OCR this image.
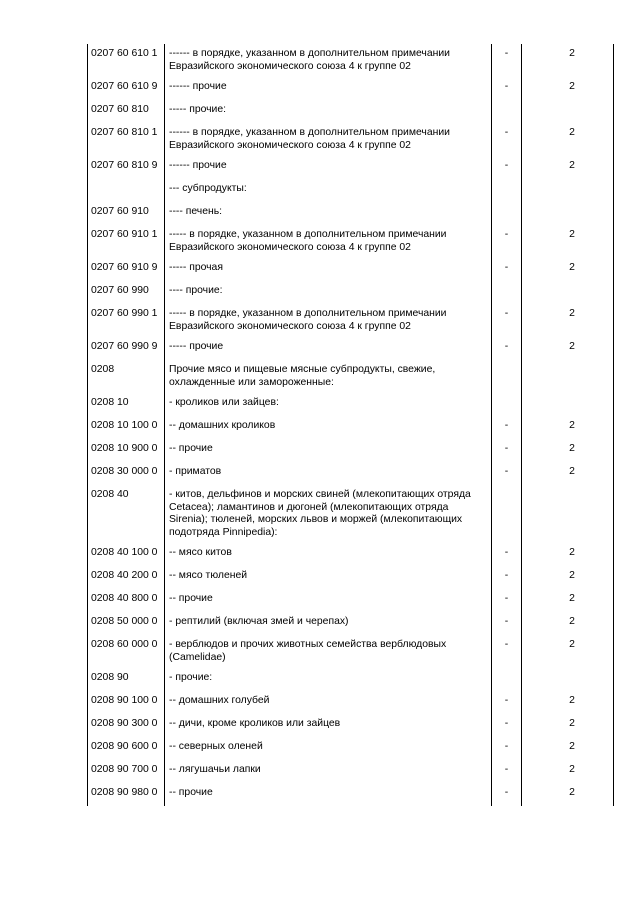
0207 60 610 1	------ в порядке, указанном в дополнительном примечании Евразийского экономического союза 4 к группе 02	-	2
0207 60 610 9	------ прочие	-	2
0207 60 810	----- прочие:		
0207 60 810 1	------ в порядке, указанном в дополнительном примечании Евразийского экономического союза 4 к группе 02	-	2
0207 60 810 9	------ прочие	-	2
	--- субпродукты:		
0207 60 910	---- печень:		
0207 60 910 1	----- в порядке, указанном в дополнительном примечании Евразийского экономического союза 4 к группе 02	-	2
0207 60 910 9	----- прочая	-	2
0207 60 990	---- прочие:		
0207 60 990 1	----- в порядке, указанном в дополнительном примечании Евразийского экономического союза 4 к группе 02	-	2
0207 60 990 9	----- прочие	-	2
0208	Прочие мясо и пищевые мясные субпродукты, свежие, охлажденные или замороженные:		
0208 10	- кроликов или зайцев:		
0208 10 100 0	-- домашних кроликов	-	2
0208 10 900 0	-- прочие	-	2
0208 30 000 0	- приматов	-	2
0208 40	- китов, дельфинов и морских свиней (млекопитающих отряда Cetacea); ламантинов и дюгоней (млекопитающих отряда Sirenia); тюленей, морских львов и моржей (млекопитающих подотряда Pinnipedia):		
0208 40 100 0	-- мясо китов	-	2
0208 40 200 0	-- мясо тюленей	-	2
0208 40 800 0	-- прочие	-	2
0208 50 000 0	- рептилий (включая змей и черепах)	-	2
0208 60 000 0	- верблюдов и прочих животных семейства верблюдовых (Camelidae)	-	2
0208 90	- прочие:		
0208 90 100 0	-- домашних голубей	-	2
0208 90 300 0	-- дичи, кроме кроликов или зайцев	-	2
0208 90 600 0	-- северных оленей	-	2
0208 90 700 0	-- лягушачьи лапки	-	2
0208 90 980 0	-- прочие	-	2
